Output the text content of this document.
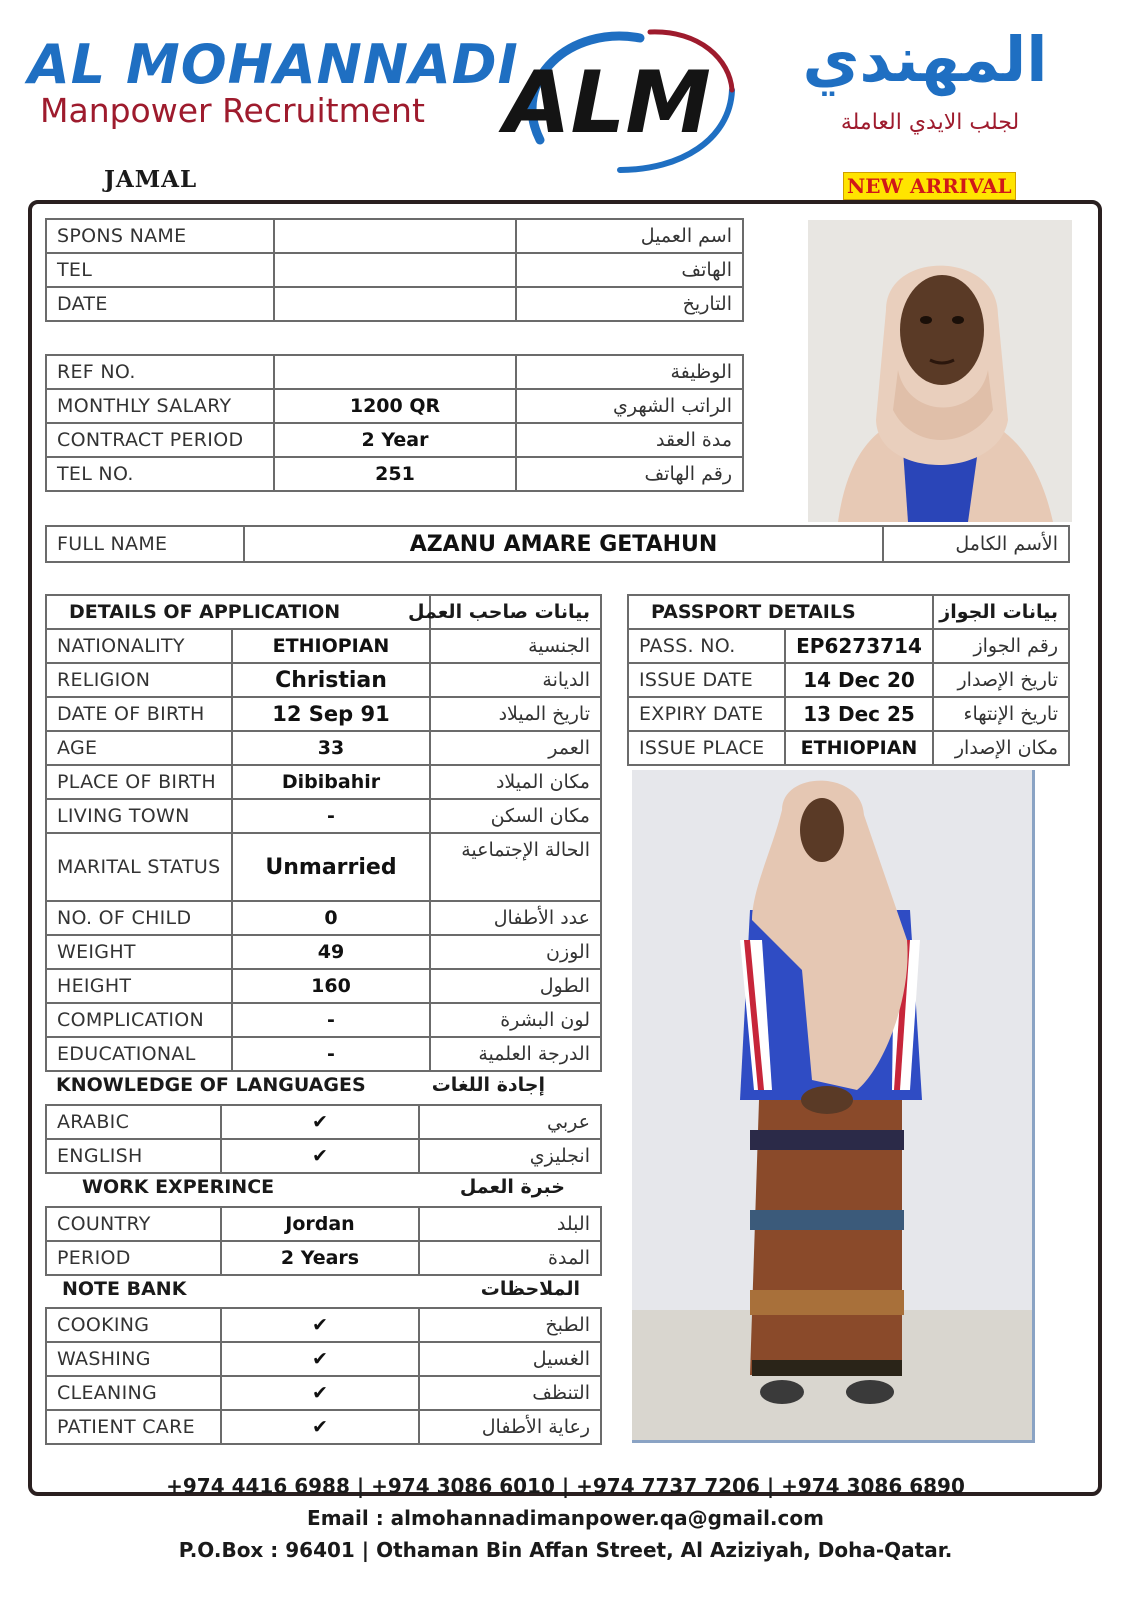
AL MOHANNADI
Manpower Recruitment ALM	المهندي
لجلب الايدي العاملة
JAMAL	NEW ARRIVAL
SPONS NAME		اسم العميل
TEL		الهاتف
DATE		التاريخ
REF NO.		الوظيفة
MONTHLY SALARY	1200 QR	الراتب الشهري
CONTRACT PERIOD	2 Year	مدة العقد
TEL NO.	251	رقم الهاتف
FULL NAME	AZANU AMARE GETAHUN	الأسم الكامل
DETAILS OF APPLICATION		بيانات صاحب العمل
NATIONALITY	ETHIOPIAN	الجنسية
RELIGION	Christian	الديانة
DATE OF BIRTH	12 Sep 91	تاريخ الميلاد
AGE	33	العمر
PLACE OF BIRTH	Dibibahir	مكان الميلاد
LIVING TOWN	-	مكان السكن
MARITAL STATUS	Unmarried	الحالة الإجتماعية
NO. OF CHILD	0	عدد الأطفال
WEIGHT	49	الوزن
HEIGHT	160	الطول
COMPLICATION	-	لون البشرة
EDUCATIONAL	-	الدرجة العلمية
KNOWLEDGE OF LANGUAGES	إجادة اللغات
ARABIC	✔	عربي
ENGLISH	✔	انجليزي
WORK EXPERINCE	خبرة العمل
COUNTRY	Jordan	البلد
PERIOD	2 Years	المدة
NOTE BANK	الملاحظات
COOKING	✔	الطبخ
WASHING	✔	الغسيل
CLEANING	✔	التنظف
PATIENT CARE	✔	رعاية الأطفال
PASSPORT DETAILS		بيانات الجواز
PASS. NO.	EP6273714	رقم الجواز
ISSUE DATE	14 Dec 20	تاريخ الإصدار
EXPIRY DATE	13 Dec 25	تاريخ الإنتهاء
ISSUE PLACE	ETHIOPIAN	مكان الإصدار
+974 4416 6988 | +974 3086 6010 | +974 7737 7206 | +974 3086 6890
Email : almohannadimanpower.qa@gmail.com
P.O.Box : 96401 | Othaman Bin Affan Street, Al Aziziyah, Doha-Qatar.
